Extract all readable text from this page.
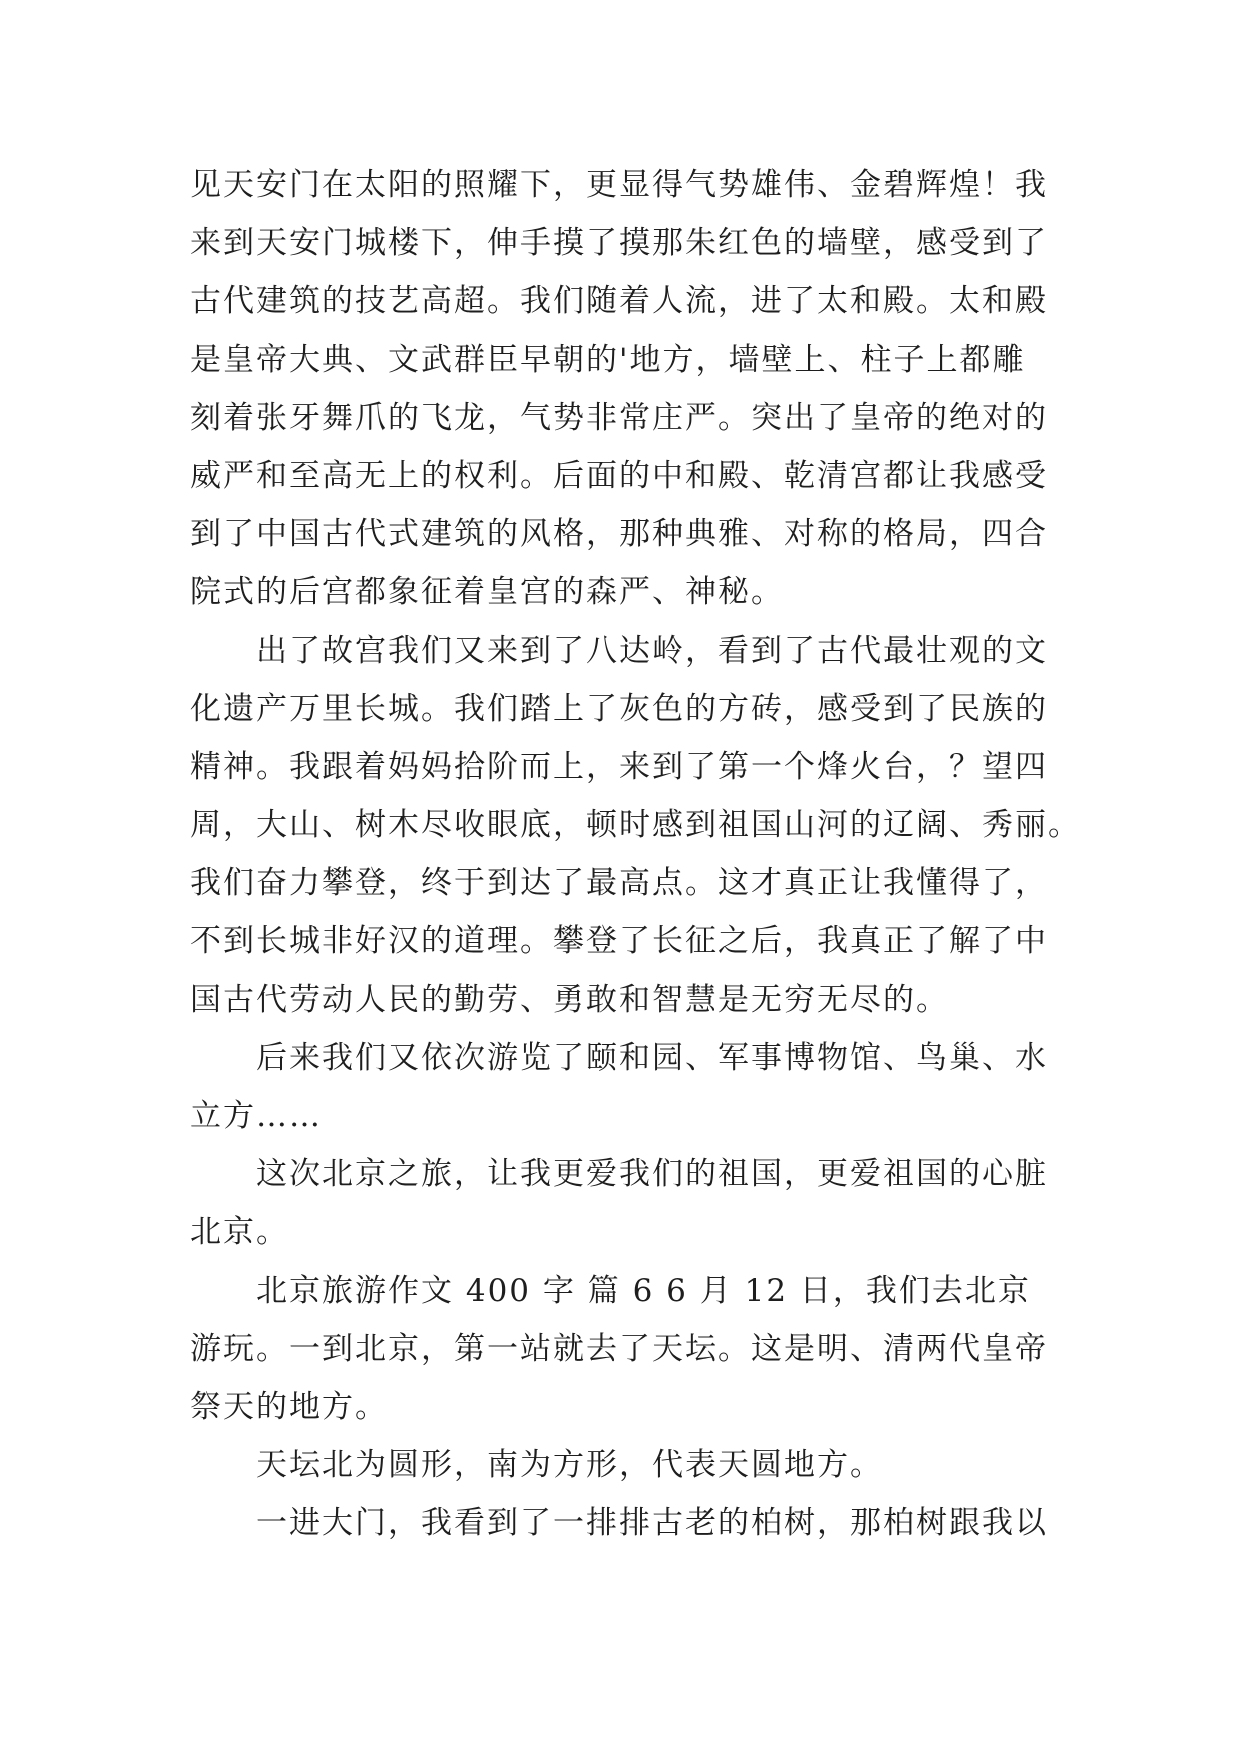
见天安门在太阳的照耀下，更显得气势雄伟、金碧辉煌！我
来到天安门城楼下，伸手摸了摸那朱红色的墙壁，感受到了
古代建筑的技艺高超。我们随着人流，进了太和殿。太和殿
是皇帝大典、文武群臣早朝的'地方，墙壁上、柱子上都雕
刻着张牙舞爪的飞龙，气势非常庄严。突出了皇帝的绝对的
威严和至高无上的权利。后面的中和殿、乾清宫都让我感受
到了中国古代式建筑的风格，那种典雅、对称的格局，四合
院式的后宫都象征着皇宫的森严、神秘。
出了故宫我们又来到了八达岭，看到了古代最壮观的文
化遗产万里长城。我们踏上了灰色的方砖，感受到了民族的
精神。我跟着妈妈拾阶而上，来到了第一个烽火台，？望四
周，大山、树木尽收眼底，顿时感到祖国山河的辽阔、秀丽。
我们奋力攀登，终于到达了最高点。这才真正让我懂得了，
不到长城非好汉的道理。攀登了长征之后，我真正了解了中
国古代劳动人民的勤劳、勇敢和智慧是无穷无尽的。
后来我们又依次游览了颐和园、军事博物馆、鸟巢、水
立方……
这次北京之旅，让我更爱我们的祖国，更爱祖国的心脏
北京。
北京旅游作文 400 字 篇 6 6 月 12 日，我们去北京
游玩。一到北京，第一站就去了天坛。这是明、清两代皇帝
祭天的地方。
天坛北为圆形，南为方形，代表天圆地方。
一进大门，我看到了一排排古老的柏树，那柏树跟我以
